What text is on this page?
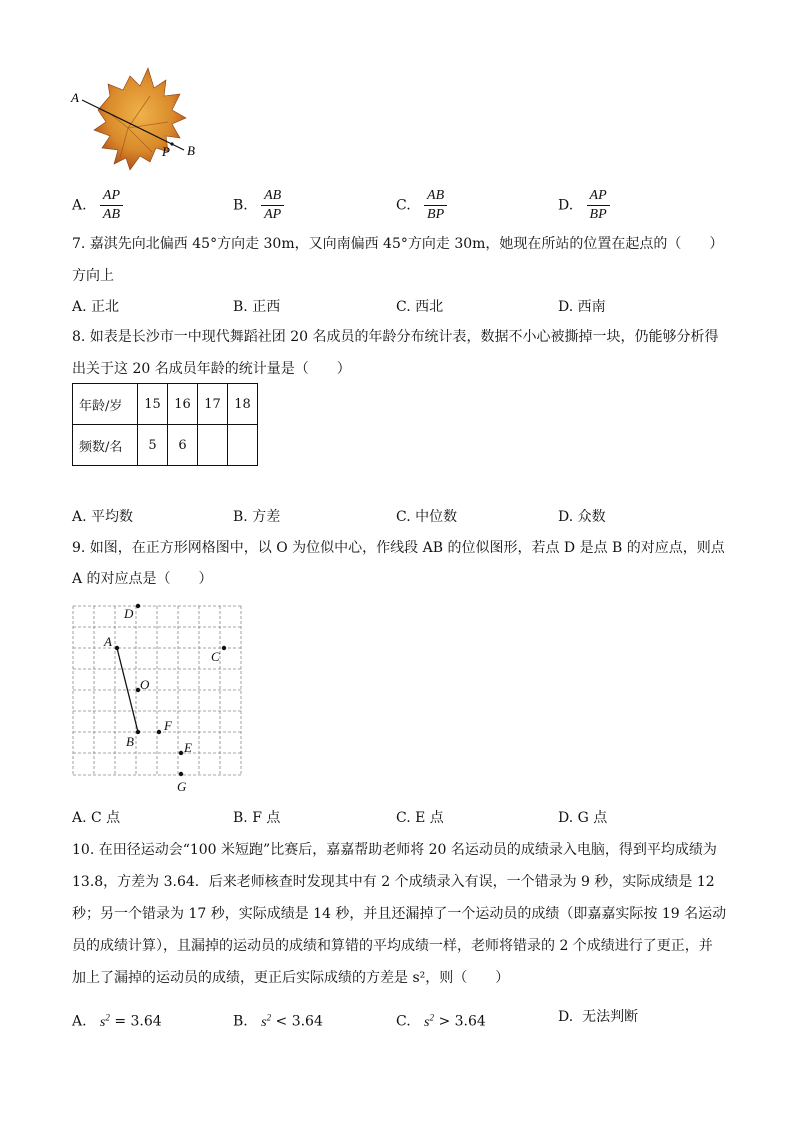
A
P B
A. $\frac{AP}{AB}$	B. $\frac{AB}{AP}$	C. $\frac{AB}{BP}$	D. $\frac{AP}{BP}$
7. 嘉淇先向北偏西 45°方向走 30m，又向南偏西 45°方向走 30m，她现在所站的位置在起点的（　　）
方向上
A. 正北	B. 正西	C. 西北	D. 西南
8. 如表是长沙市一中现代舞蹈社团 20 名成员的年龄分布统计表，数据不小心被撕掉一块，仍能够分析得
出关于这 20 名成员年龄的统计量是（　　）
年龄/岁	15	16	17	18
频数/名	5	6		
A. 平均数	B. 方差	C. 中位数	D. 众数
9. 如图，在正方形网格图中，以 O 为位似中心，作线段 AB 的位似图形，若点 D 是点 B 的对应点，则点
A 的对应点是（　　）
D
A
C
O
F
B	E
G
A. C 点	B. F 点	C. E 点	D. G 点
10. 在田径运动会“100 米短跑”比赛后，嘉嘉帮助老师将 20 名运动员的成绩录入电脑，得到平均成绩为
13.8，方差为 3.64．后来老师核查时发现其中有 2 个成绩录入有误，一个错录为 9 秒，实际成绩是 12
秒；另一个错录为 17 秒，实际成绩是 14 秒，并且还漏掉了一个运动员的成绩（即嘉嘉实际按 19 名运动
员的成绩计算），且漏掉的运动员的成绩和算错的平均成绩一样，老师将错录的 2 个成绩进行了更正，并
加上了漏掉的运动员的成绩，更正后实际成绩的方差是 s²，则（　　）
A. $s^2 = 3.64$	B. $s^2 < 3.64$	C. $s^2 > 3.64$	D. 无法判断
